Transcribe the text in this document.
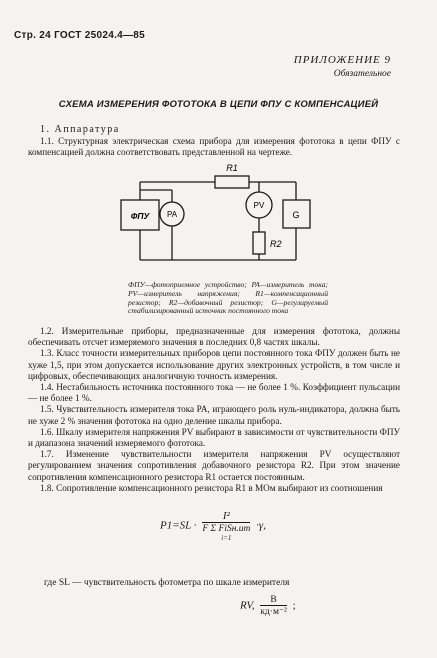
Стр. 24 ГОСТ 25024.4—85
ПРИЛОЖЕНИЕ 9
Обязательное
СХЕМА ИЗМЕРЕНИЯ ФОТОТОКА В ЦЕПИ ФПУ С КОМПЕНСАЦИЕЙ
1. Аппаратура

1.1. Структурная электрическая схема прибора для измерения фототока в цепи ФПУ с компенсацией должна соответствовать представленной на чертеже.

R1
ФПУ PA
PV
R2
G
ФПУ—фотоприемное устройство; PA—измеритель тока; PV—измеритель напряжения; R1—компенсационный резистор; R2—добавочный резистор; G—регулируемый стабилизированный источник постоянного тока

1.2. Измерительные приборы, предназначенные для измерения фототока, должны обеспечивать отсчет измеряемого значения в последних 0,8 частях шкалы.

1.3. Класс точности измерительных приборов цепи постоянного тока ФПУ должен быть не хуже 1,5, при этом допускается использование других электронных устройств, в том числе и цифровых, обеспечивающих аналогичную точность измерения.

1.4. Нестабильность источника постоянного тока — не более 1 %. Коэффициент пульсации — не более 1 %.

1.5. Чувствительность измерителя тока PA, играющего роль нуль-индикатора, должна быть не хуже 2 % значения фототока на одно деление шкалы прибора.

1.6. Шкалу измерителя напряжения PV выбирают в зависимости от чувствительности ФПУ и диапазона значений измеряемого фототока.

1.7. Изменение чувствительности измерителя напряжения PV осуществляют регулированием значения сопротивления добавочного резистора R2. При этом значение сопротивления компенсационного резистора R1 остается постоянным.

1.8. Сопротивление компенсационного резистора R1 в МОм выбирают из соотношения

P1=SL ·
I²
F Σ FiSн.ит
i=1
·γ,
где SL — чувствительность фотометра по шкале измерителя
RV,	В
кд·м⁻²
;
